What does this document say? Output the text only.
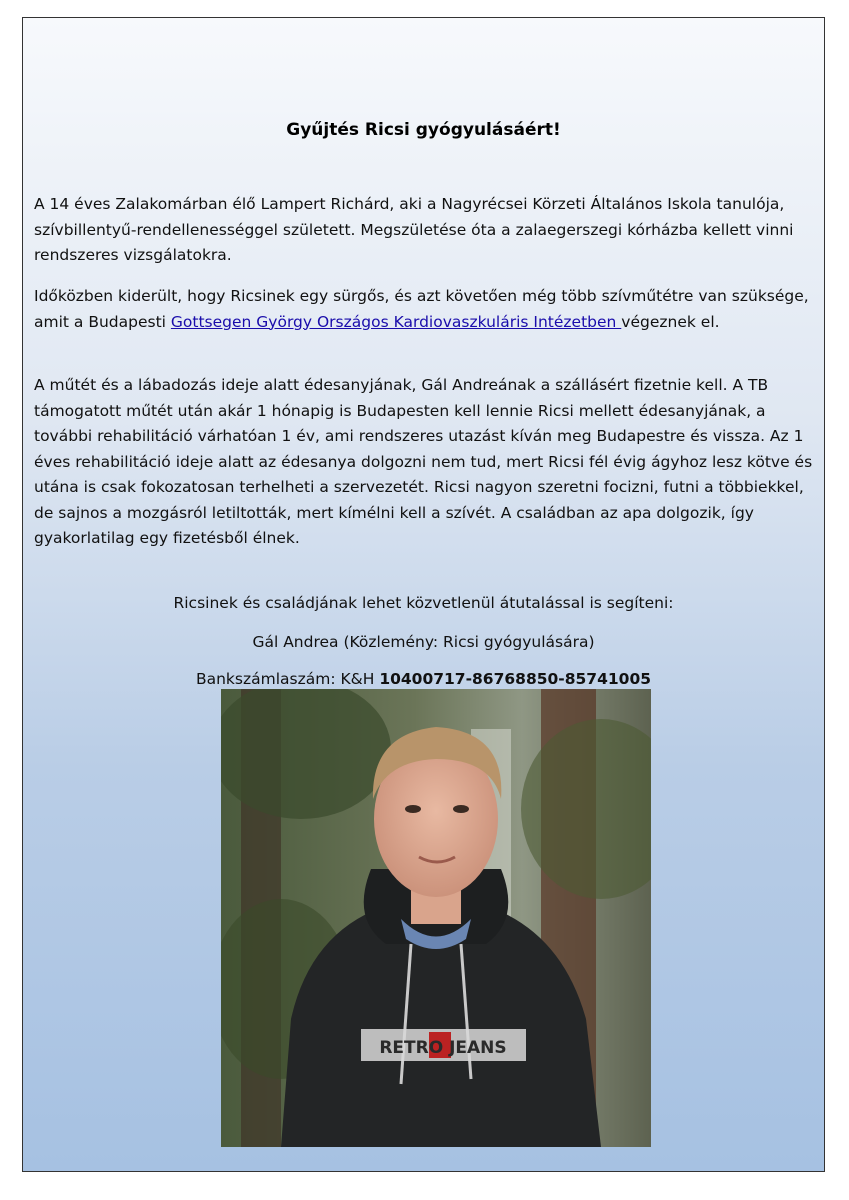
Gyűjtés Ricsi gyógyulásáért!

A 14 éves Zalakomárban élő Lampert Richárd, aki a Nagyrécsei Körzeti Általános Iskola tanulója, szívbillentyű-rendellenességgel született. Megszületése óta a zalaegerszegi kórházba kellett vinni rendszeres vizsgálatokra.

Időközben kiderült, hogy Ricsinek egy sürgős, és azt követően még több szívműtétre van szüksége, amit a Budapesti Gottsegen György Országos Kardiovaszkuláris Intézetben végeznek el.

A műtét és a lábadozás ideje alatt édesanyjának, Gál Andreának a szállásért fizetnie kell. A TB támogatott műtét után akár 1 hónapig is Budapesten kell lennie Ricsi mellett édesanyjának, a további rehabilitáció várhatóan 1 év, ami rendszeres utazást kíván meg Budapestre és vissza. Az 1 éves rehabilitáció ideje alatt az édesanya dolgozni nem tud, mert Ricsi fél évig ágyhoz lesz kötve és utána is csak fokozatosan terhelheti a szervezetét. Ricsi nagyon szeretni focizni, futni a többiekkel, de sajnos a mozgásról letiltották, mert kímélni kell a szívét. A családban az apa dolgozik, így gyakorlatilag egy fizetésből élnek.

Ricsinek és családjának lehet közvetlenül átutalással is segíteni:

Gál Andrea (Közlemény: Ricsi gyógyulására)

Bankszámlaszám: K&H 10400717-86768850-85741005

RETRO JEANS
